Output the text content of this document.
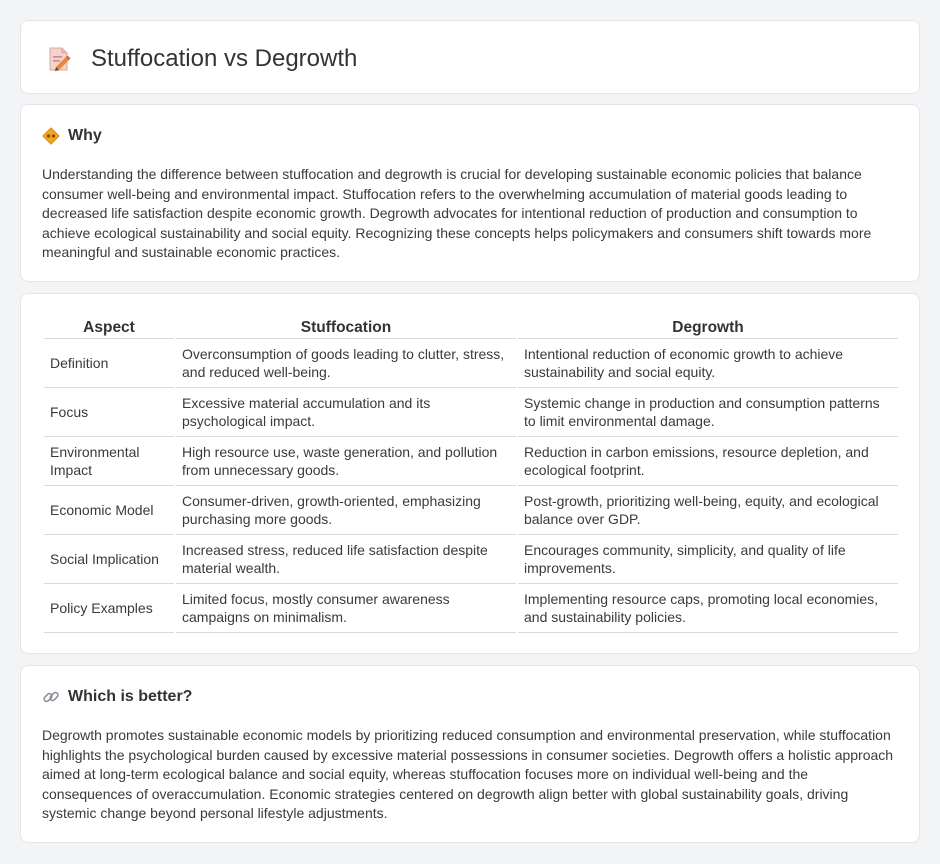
Stuffocation vs Degrowth
Why

Understanding the difference between stuffocation and degrowth is crucial for developing sustainable economic policies that balance consumer well-being and environmental impact. Stuffocation refers to the overwhelming accumulation of material goods leading to decreased life satisfaction despite economic growth. Degrowth advocates for intentional reduction of production and consumption to achieve ecological sustainability and social equity. Recognizing these concepts helps policymakers and consumers shift towards more meaningful and sustainable economic practices.

Aspect	Stuffocation	Degrowth
Definition	Overconsumption of goods leading to clutter, stress, and reduced well-being.	Intentional reduction of economic growth to achieve sustainability and social equity.
Focus	Excessive material accumulation and its psychological impact.	Systemic change in production and consumption patterns to limit environmental damage.
Environmental Impact	High resource use, waste generation, and pollution from unnecessary goods.	Reduction in carbon emissions, resource depletion, and ecological footprint.
Economic Model	Consumer-driven, growth-oriented, emphasizing purchasing more goods.	Post-growth, prioritizing well-being, equity, and ecological balance over GDP.
Social Implication	Increased stress, reduced life satisfaction despite material wealth.	Encourages community, simplicity, and quality of life improvements.
Policy Examples	Limited focus, mostly consumer awareness campaigns on minimalism.	Implementing resource caps, promoting local economies, and sustainability policies.
Which is better?

Degrowth promotes sustainable economic models by prioritizing reduced consumption and environmental preservation, while stuffocation highlights the psychological burden caused by excessive material possessions in consumer societies. Degrowth offers a holistic approach aimed at long-term ecological balance and social equity, whereas stuffocation focuses more on individual well-being and the consequences of overaccumulation. Economic strategies centered on degrowth align better with global sustainability goals, driving systemic change beyond personal lifestyle adjustments.
